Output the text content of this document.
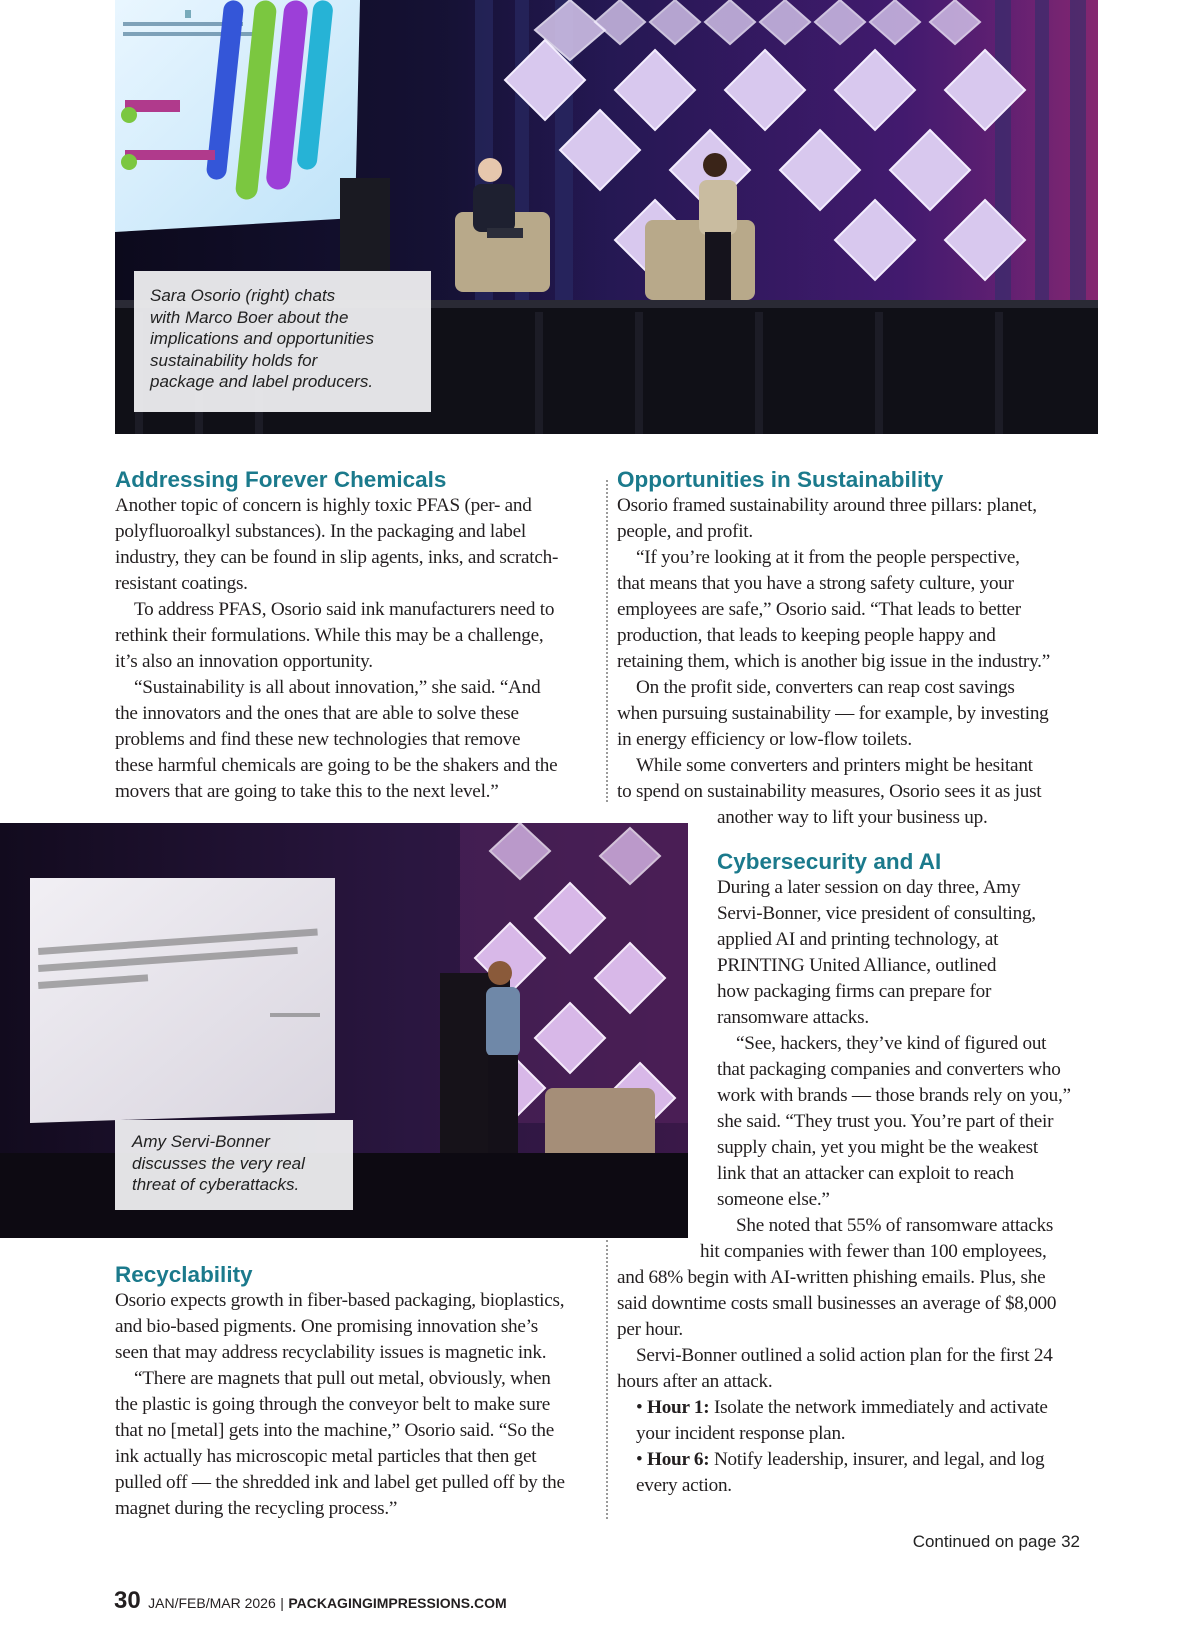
Sara Osorio (right) chats
with Marco Boer about the
implications and opportunities
sustainability holds for
package and label producers.
Addressing Forever Chemicals
Another topic of concern is highly toxic PFAS (per- and
polyfluoroalkyl substances). In the packaging and label
industry, they can be found in slip agents, inks, and scratch-
resistant coatings.
To address PFAS, Osorio said ink manufacturers need to
rethink their formulations. While this may be a challenge,
it’s also an innovation opportunity.
“Sustainability is all about innovation,” she said. “And
the innovators and the ones that are able to solve these
problems and find these new technologies that remove
these harmful chemicals are going to be the shakers and the
movers that are going to take this to the next level.”
Opportunities in Sustainability
Osorio framed sustainability around three pillars: planet,
people, and profit.
“If you’re looking at it from the people perspective,
that means that you have a strong safety culture, your
employees are safe,” Osorio said. “That leads to better
production, that leads to keeping people happy and
retaining them, which is another big issue in the industry.”
On the profit side, converters can reap cost savings
when pursuing sustainability — for example, by investing
in energy efficiency or low-flow toilets.
While some converters and printers might be hesitant
to spend on sustainability measures, Osorio sees it as just
another way to lift your business up.
Amy Servi-Bonner
discusses the very real
threat of cyberattacks.
Cybersecurity and AI
During a later session on day three, Amy
Servi-Bonner, vice president of consulting,
applied AI and printing technology, at
PRINTING United Alliance, outlined
how packaging firms can prepare for
ransomware attacks.
“See, hackers, they’ve kind of figured out
that packaging companies and converters who
work with brands — those brands rely on you,”
she said. “They trust you. You’re part of their
supply chain, yet you might be the weakest
link that an attacker can exploit to reach
someone else.”
She noted that 55% of ransomware attacks
hit companies with fewer than 100 employees,
and 68% begin with AI-written phishing emails. Plus, she
said downtime costs small businesses an average of $8,000
per hour.
Servi-Bonner outlined a solid action plan for the first 24
hours after an attack.
• Hour 1: Isolate the network immediately and activate
your incident response plan.
• Hour 6: Notify leadership, insurer, and legal, and log
every action.
Continued on page 32
Recyclability
Osorio expects growth in fiber-based packaging, bioplastics,
and bio-based pigments. One promising innovation she’s
seen that may address recyclability issues is magnetic ink.
“There are magnets that pull out metal, obviously, when
the plastic is going through the conveyor belt to make sure
that no [metal] gets into the machine,” Osorio said. “So the
ink actually has microscopic metal particles that then get
pulled off — the shredded ink and label get pulled off by the
magnet during the recycling process.”
30 JAN/FEB/MAR 2026 | PACKAGINGIMPRESSIONS.COM
